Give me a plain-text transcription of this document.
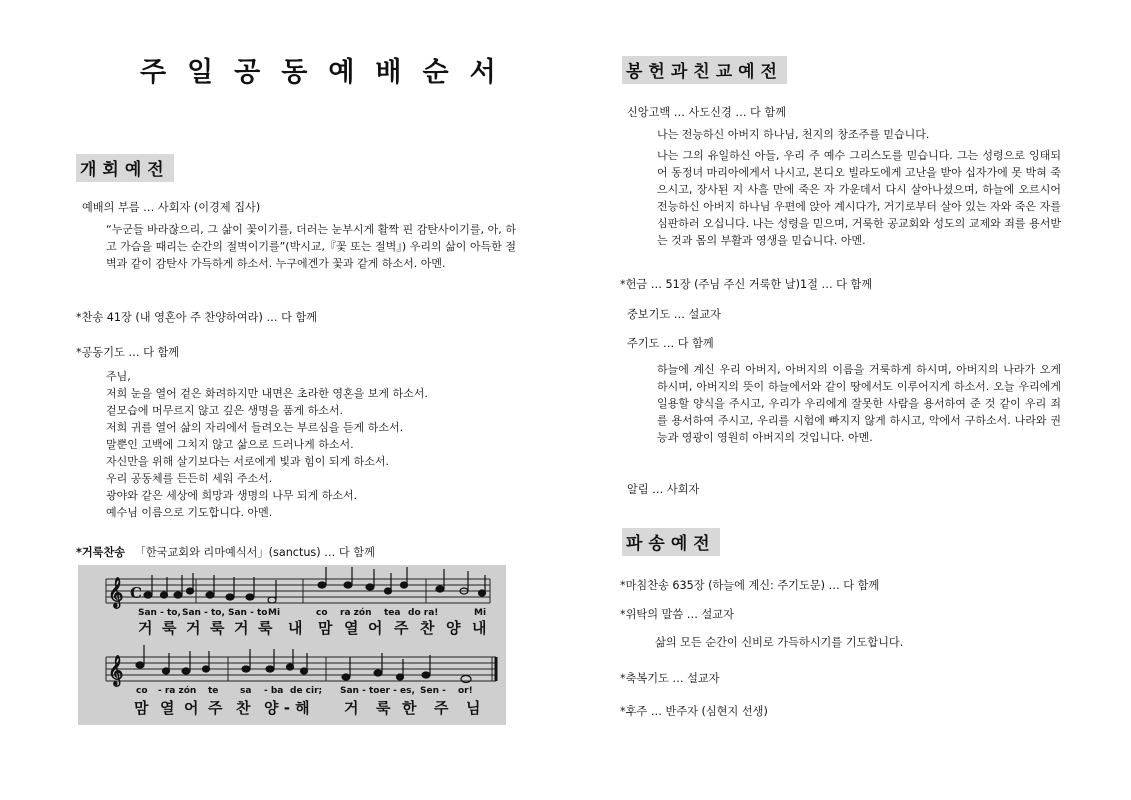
주일공동예배순서
개회예전
예배의 부름 … 사회자 (이경제 집사)

“누군들 바라잖으리, 그 삶이 꽃이기를, 더러는 눈부시게 활짝 핀 감탄사이기를, 아, 하고 가슴을 때리는 순간의 절벽이기를”(박시교,『꽃 또는 절벽』) 우리의 삶이 아득한 절벽과 같이 감탄사 가득하게 하소서. 누구에겐가 꽃과 같게 하소서. 아멘.

*찬송 41장 (내 영혼아 주 찬양하여라) … 다 함께
*공동기도 … 다 함께
주님,
저희 눈을 열어 겉은 화려하지만 내면은 초라한 영혼을 보게 하소서.
겉모습에 머무르지 않고 깊은 생명을 품게 하소서.
저희 귀를 열어 삶의 자리에서 들려오는 부르심을 듣게 하소서.
말뿐인 고백에 그치지 않고 삶으로 드러나게 하소서.
자신만을 위해 살기보다는 서로에게 빛과 힘이 되게 하소서.
우리 공동체를 든든히 세워 주소서.
광야와 같은 세상에 희망과 생명의 나무 되게 하소서.
예수님 이름으로 기도합니다. 아멘.
*거룩찬송 「한국교회와 리마예식서」(sanctus) … 다 함께
𝄞 C
San - to, San - to, San - to Mi	co ra zón tea do ra!	Mi
거 룩 거 룩 거 룩 내 맘 열 어 주 찬 양 내
𝄞
co - ra zón te sa - ba de cir; San - toer - es, Sen - or!
맘 열 어 주 찬 양 - 해 거 룩 한 주 님
봉헌과친교예전
신앙고백 … 사도신경 … 다 함께

나는 전능하신 아버지 하나님, 천지의 창조주를 믿습니다.

나는 그의 유일하신 아들, 우리 주 예수 그리스도를 믿습니다. 그는 성령으로 잉태되어 동정녀 마리아에게서 나시고, 본디오 빌라도에게 고난을 받아 십자가에 못 박혀 죽으시고, 장사된 지 사흘 만에 죽은 자 가운데서 다시 살아나셨으며, 하늘에 오르시어 전능하신 아버지 하나님 우편에 앉아 계시다가, 거기로부터 살아 있는 자와 죽은 자를 심판하러 오십니다. 나는 성령을 믿으며, 거룩한 공교회와 성도의 교제와 죄를 용서받는 것과 몸의 부활과 영생을 믿습니다. 아멘.

*헌금 … 51장 (주님 주신 거룩한 날)1절 … 다 함께
중보기도 … 설교자
주기도 … 다 함께

하늘에 계신 우리 아버지, 아버지의 이름을 거룩하게 하시며, 아버지의 나라가 오게 하시며, 아버지의 뜻이 하늘에서와 같이 땅에서도 이루어지게 하소서. 오늘 우리에게 일용할 양식을 주시고, 우리가 우리에게 잘못한 사람을 용서하여 준 것 같이 우리 죄를 용서하여 주시고, 우리를 시험에 빠지지 않게 하시고, 악에서 구하소서. 나라와 권능과 영광이 영원히 아버지의 것입니다. 아멘.

알림 … 사회자
파송예전
*마침찬송 635장 (하늘에 계신: 주기도문) … 다 함께
*위탁의 말씀 … 설교자
삶의 모든 순간이 신비로 가득하시기를 기도합니다.
*축복기도 … 설교자
*후주 … 반주자 (심현지 선생)
